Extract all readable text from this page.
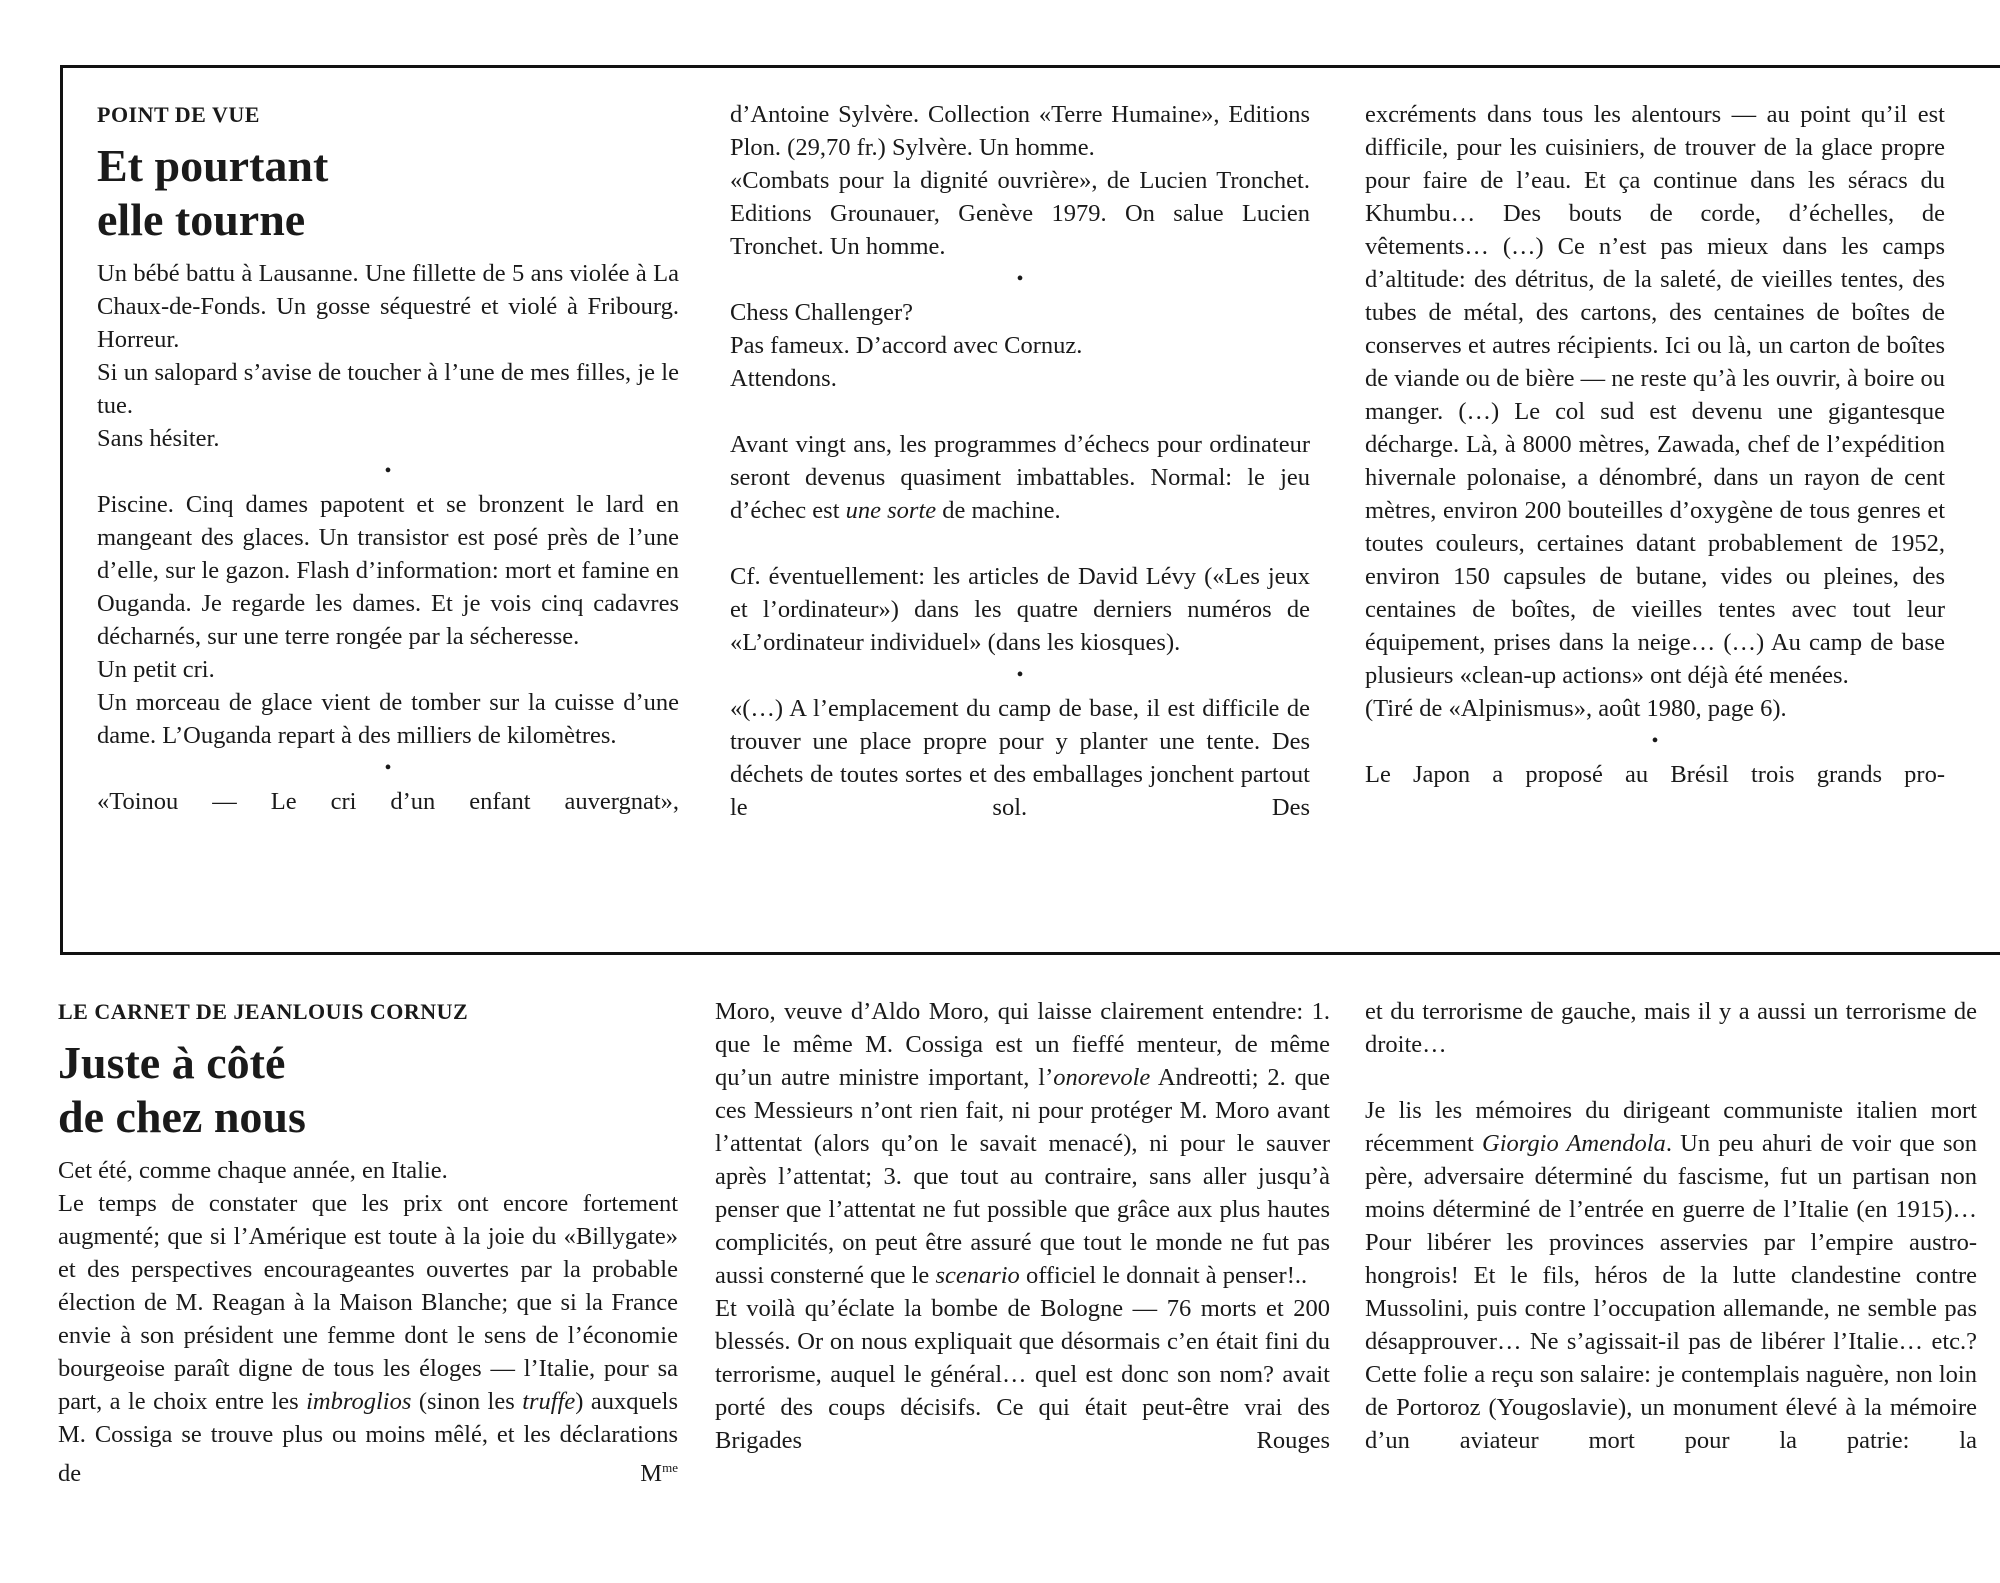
POINT DE VUE
Et pourtant
elle tourne

Un bébé battu à Lausanne. Une fillette de 5 ans violée à La Chaux-de-Fonds. Un gosse séquestré et violé à Fribourg. Horreur.

Si un salopard s’avise de toucher à l’une de mes filles, je le tue.

Sans hésiter.

•

Piscine. Cinq dames papotent et se bronzent le lard en mangeant des glaces. Un transistor est posé près de l’une d’elle, sur le gazon. Flash d’information: mort et famine en Ouganda. Je regarde les dames. Et je vois cinq cadavres décharnés, sur une terre rongée par la sécheresse.

Un petit cri.

Un morceau de glace vient de tomber sur la cuisse d’une dame. L’Ouganda repart à des milliers de kilomètres.

•

«Toinou — Le cri d’un enfant auvergnat»,

d’Antoine Sylvère. Collection «Terre Humaine», Editions Plon. (29,70 fr.) Sylvère. Un homme.

«Combats pour la dignité ouvrière», de Lucien Tronchet. Editions Grounauer, Genève 1979. On salue Lucien Tronchet. Un homme.

•

Chess Challenger?

Pas fameux. D’accord avec Cornuz.

Attendons.

Avant vingt ans, les programmes d’échecs pour ordinateur seront devenus quasiment imbattables. Normal: le jeu d’échec est une sorte de machine.

Cf. éventuellement: les articles de David Lévy («Les jeux et l’ordinateur») dans les quatre derniers numéros de «L’ordinateur individuel» (dans les kiosques).

•

«(…) A l’emplacement du camp de base, il est difficile de trouver une place propre pour y planter une tente. Des déchets de toutes sortes et des emballages jonchent partout le sol. Des

excréments dans tous les alentours — au point qu’il est difficile, pour les cuisiniers, de trouver de la glace propre pour faire de l’eau. Et ça continue dans les séracs du Khumbu… Des bouts de corde, d’échelles, de vêtements… (…) Ce n’est pas mieux dans les camps d’altitude: des détritus, de la saleté, de vieilles tentes, des tubes de métal, des cartons, des centaines de boîtes de conserves et autres récipients. Ici ou là, un carton de boîtes de viande ou de bière — ne reste qu’à les ouvrir, à boire ou manger. (…) Le col sud est devenu une gigantesque décharge. Là, à 8000 mètres, Zawada, chef de l’expédition hivernale polonaise, a dénombré, dans un rayon de cent mètres, environ 200 bouteilles d’oxygène de tous genres et toutes couleurs, certaines datant probablement de 1952, environ 150 capsules de butane, vides ou pleines, des centaines de boîtes, de vieilles tentes avec tout leur équipement, prises dans la neige… (…) Au camp de base plusieurs «clean-up actions» ont déjà été menées.

(Tiré de «Alpinismus», août 1980, page 6).

•

Le Japon a proposé au Brésil trois grands pro-

LE CARNET DE JEANLOUIS CORNUZ
Juste à côté
de chez nous

Cet été, comme chaque année, en Italie.

Le temps de constater que les prix ont encore fortement augmenté; que si l’Amérique est toute à la joie du «Billygate» et des perspectives encourageantes ouvertes par la probable élection de M. Reagan à la Maison Blanche; que si la France envie à son président une femme dont le sens de l’économie bourgeoise paraît digne de tous les éloges — l’Italie, pour sa part, a le choix entre les imbroglios (sinon les truffe) auxquels M. Cossiga se trouve plus ou moins mêlé, et les déclarations de $M^{me}$

Moro, veuve d’Aldo Moro, qui laisse clairement entendre: 1. que le même M. Cossiga est un fieffé menteur, de même qu’un autre ministre important, l’onorevole Andreotti; 2. que ces Messieurs n’ont rien fait, ni pour protéger M. Moro avant l’attentat (alors qu’on le savait menacé), ni pour le sauver après l’attentat; 3. que tout au contraire, sans aller jusqu’à penser que l’attentat ne fut possible que grâce aux plus hautes complicités, on peut être assuré que tout le monde ne fut pas aussi consterné que le scenario officiel le donnait à penser!..

Et voilà qu’éclate la bombe de Bologne — 76 morts et 200 blessés. Or on nous expliquait que désormais c’en était fini du terrorisme, auquel le général… quel est donc son nom? avait porté des coups décisifs. Ce qui était peut-être vrai des Brigades Rouges

et du terrorisme de gauche, mais il y a aussi un terrorisme de droite…

Je lis les mémoires du dirigeant communiste italien mort récemment Giorgio Amendola. Un peu ahuri de voir que son père, adversaire déterminé du fascisme, fut un partisan non moins déterminé de l’entrée en guerre de l’Italie (en 1915)… Pour libérer les provinces asservies par l’empire austro-hongrois! Et le fils, héros de la lutte clandestine contre Mussolini, puis contre l’occupation allemande, ne semble pas désapprouver… Ne s’agissait-il pas de libérer l’Italie… etc.? Cette folie a reçu son salaire: je contemplais naguère, non loin de Portoroz (Yougoslavie), un monument élevé à la mémoire d’un aviateur mort pour la patrie: la
